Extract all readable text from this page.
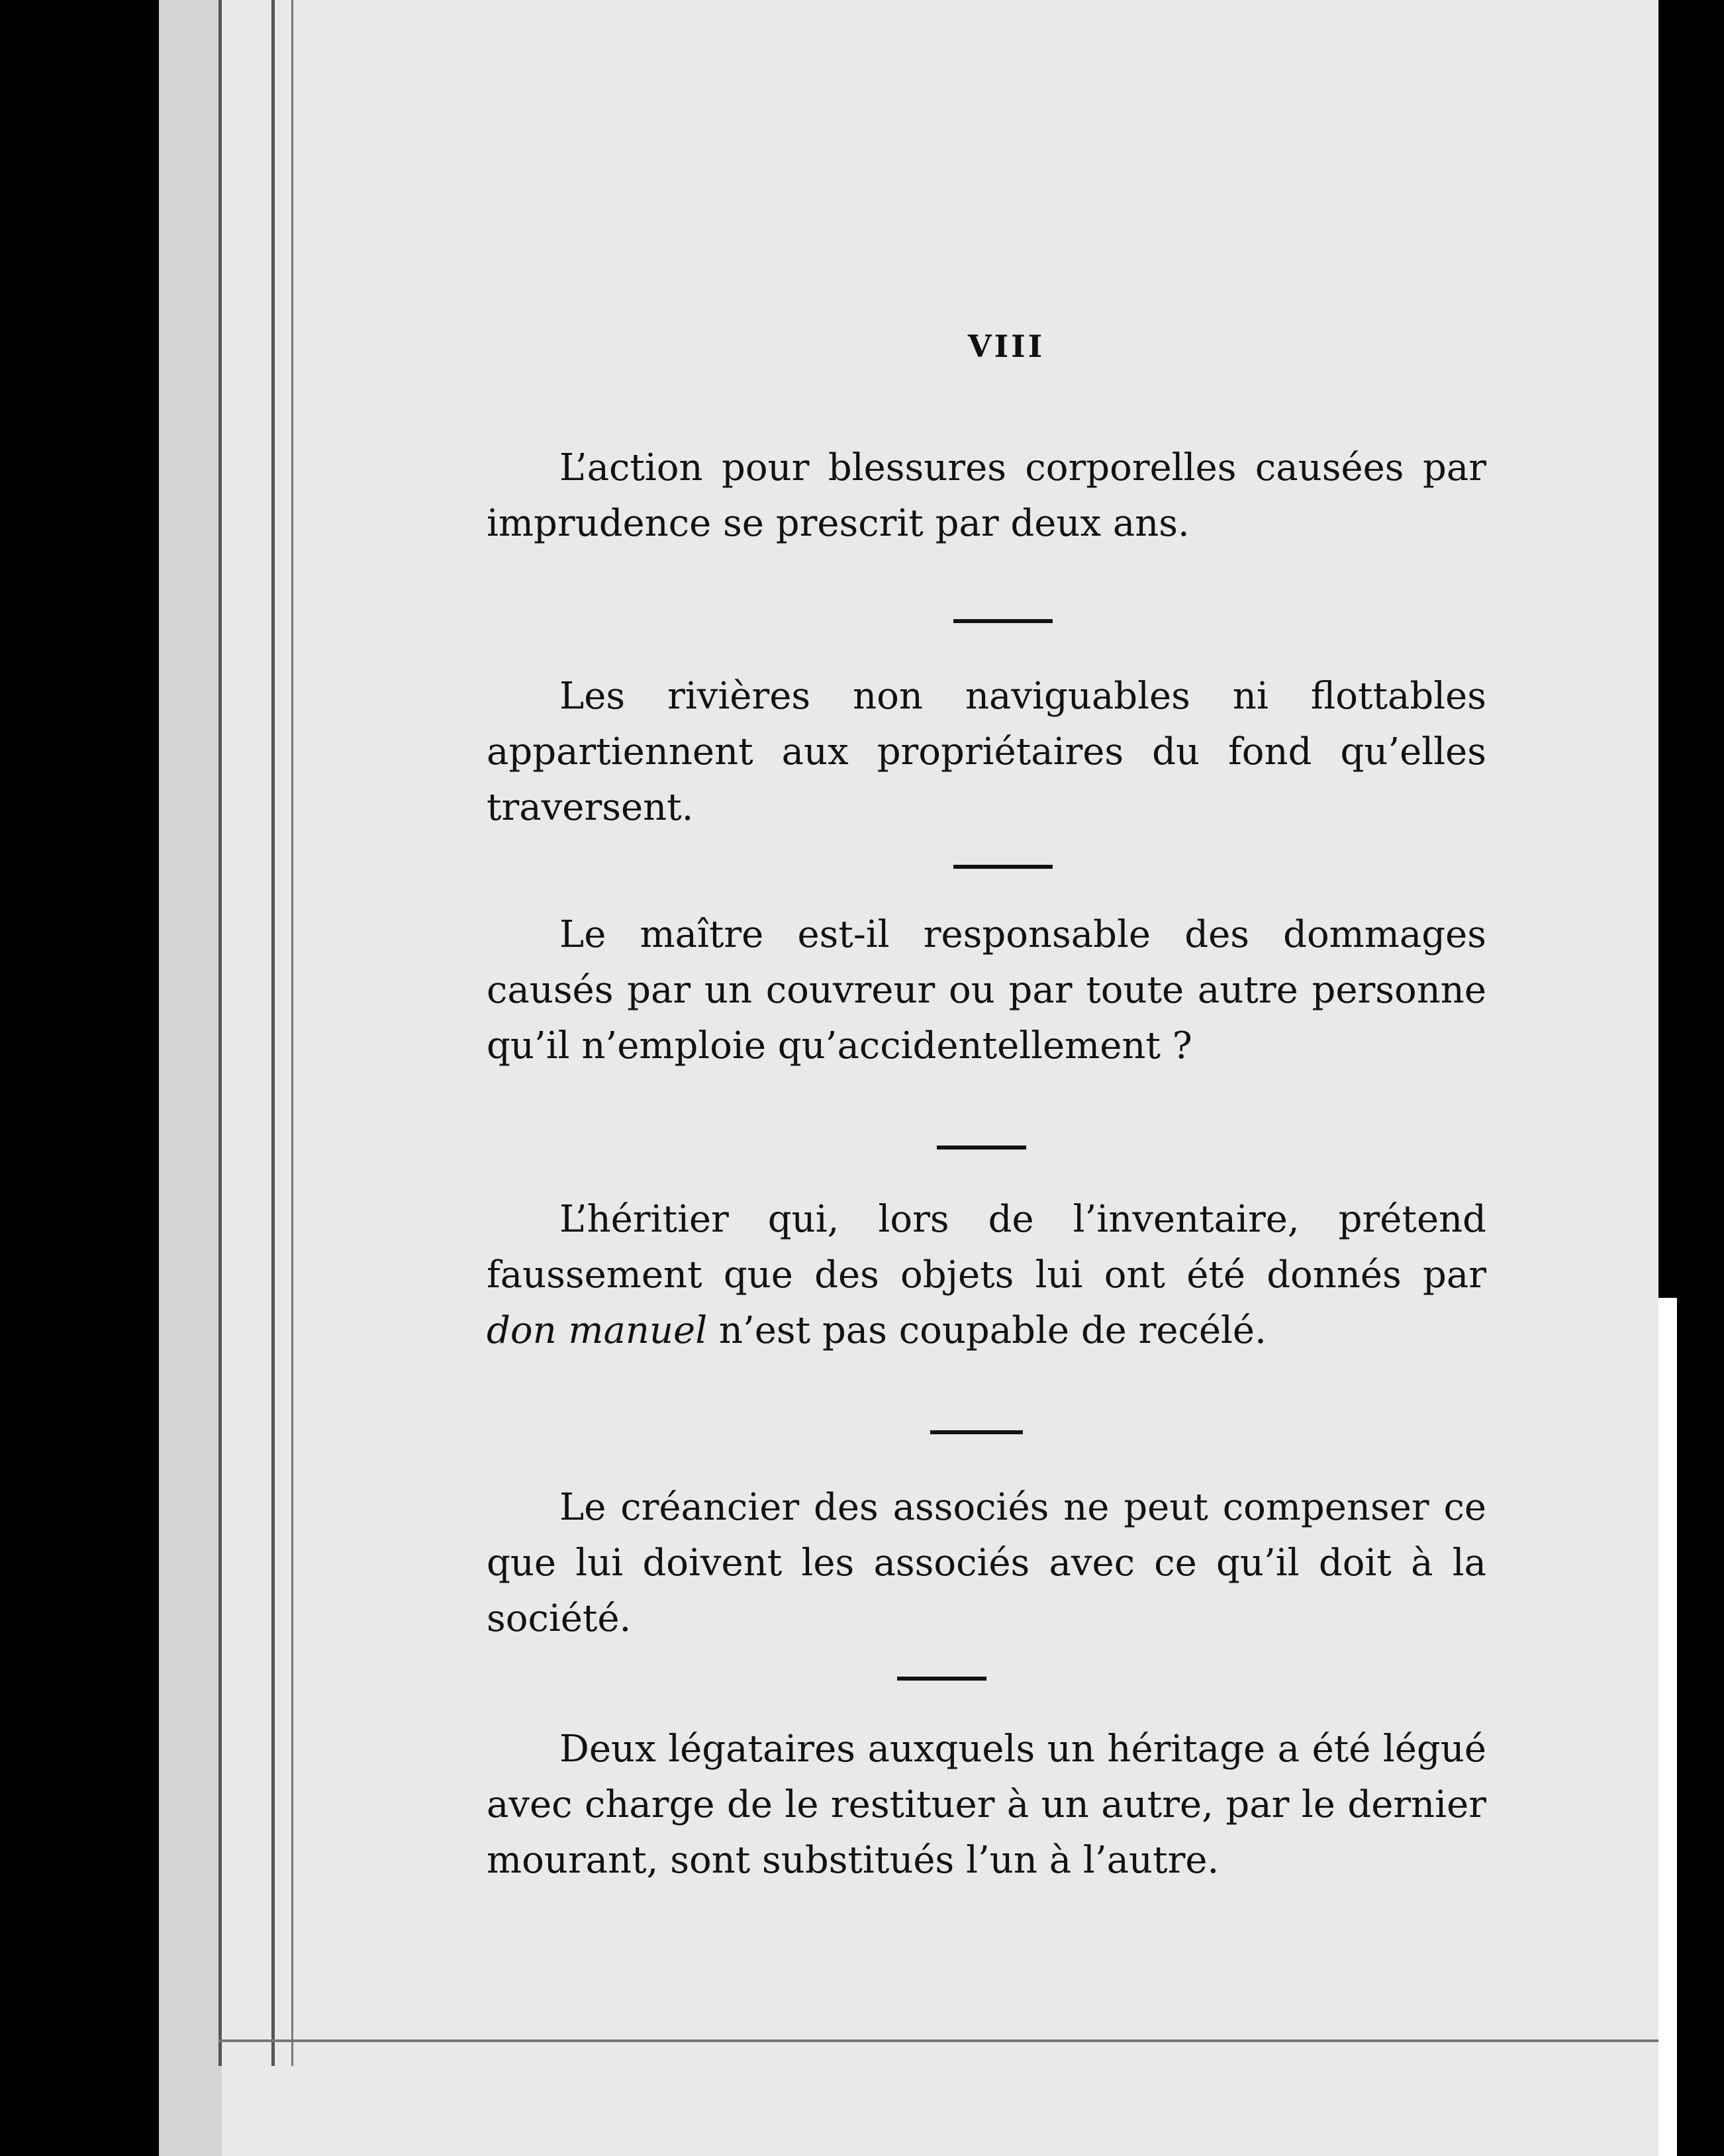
VIII

L’action pour blessures corporelles causées par imprudence se prescrit par deux ans.

Les rivières non naviguables ni flottables appartiennent aux propriétaires du fond qu’elles traversent.

Le maître est-il responsable des dommages causés par un couvreur ou par toute autre personne qu’il n’emploie qu’accidentellement ?

L’héritier qui, lors de l’inventaire, prétend faussement que des objets lui ont été donnés par don manuel n’est pas coupable de recélé.

Le créancier des associés ne peut compenser ce que lui doivent les associés avec ce qu’il doit à la société.

Deux légataires auxquels un héritage a été légué avec charge de le restituer à un autre, par le dernier mourant, sont substitués l’un à l’autre.
